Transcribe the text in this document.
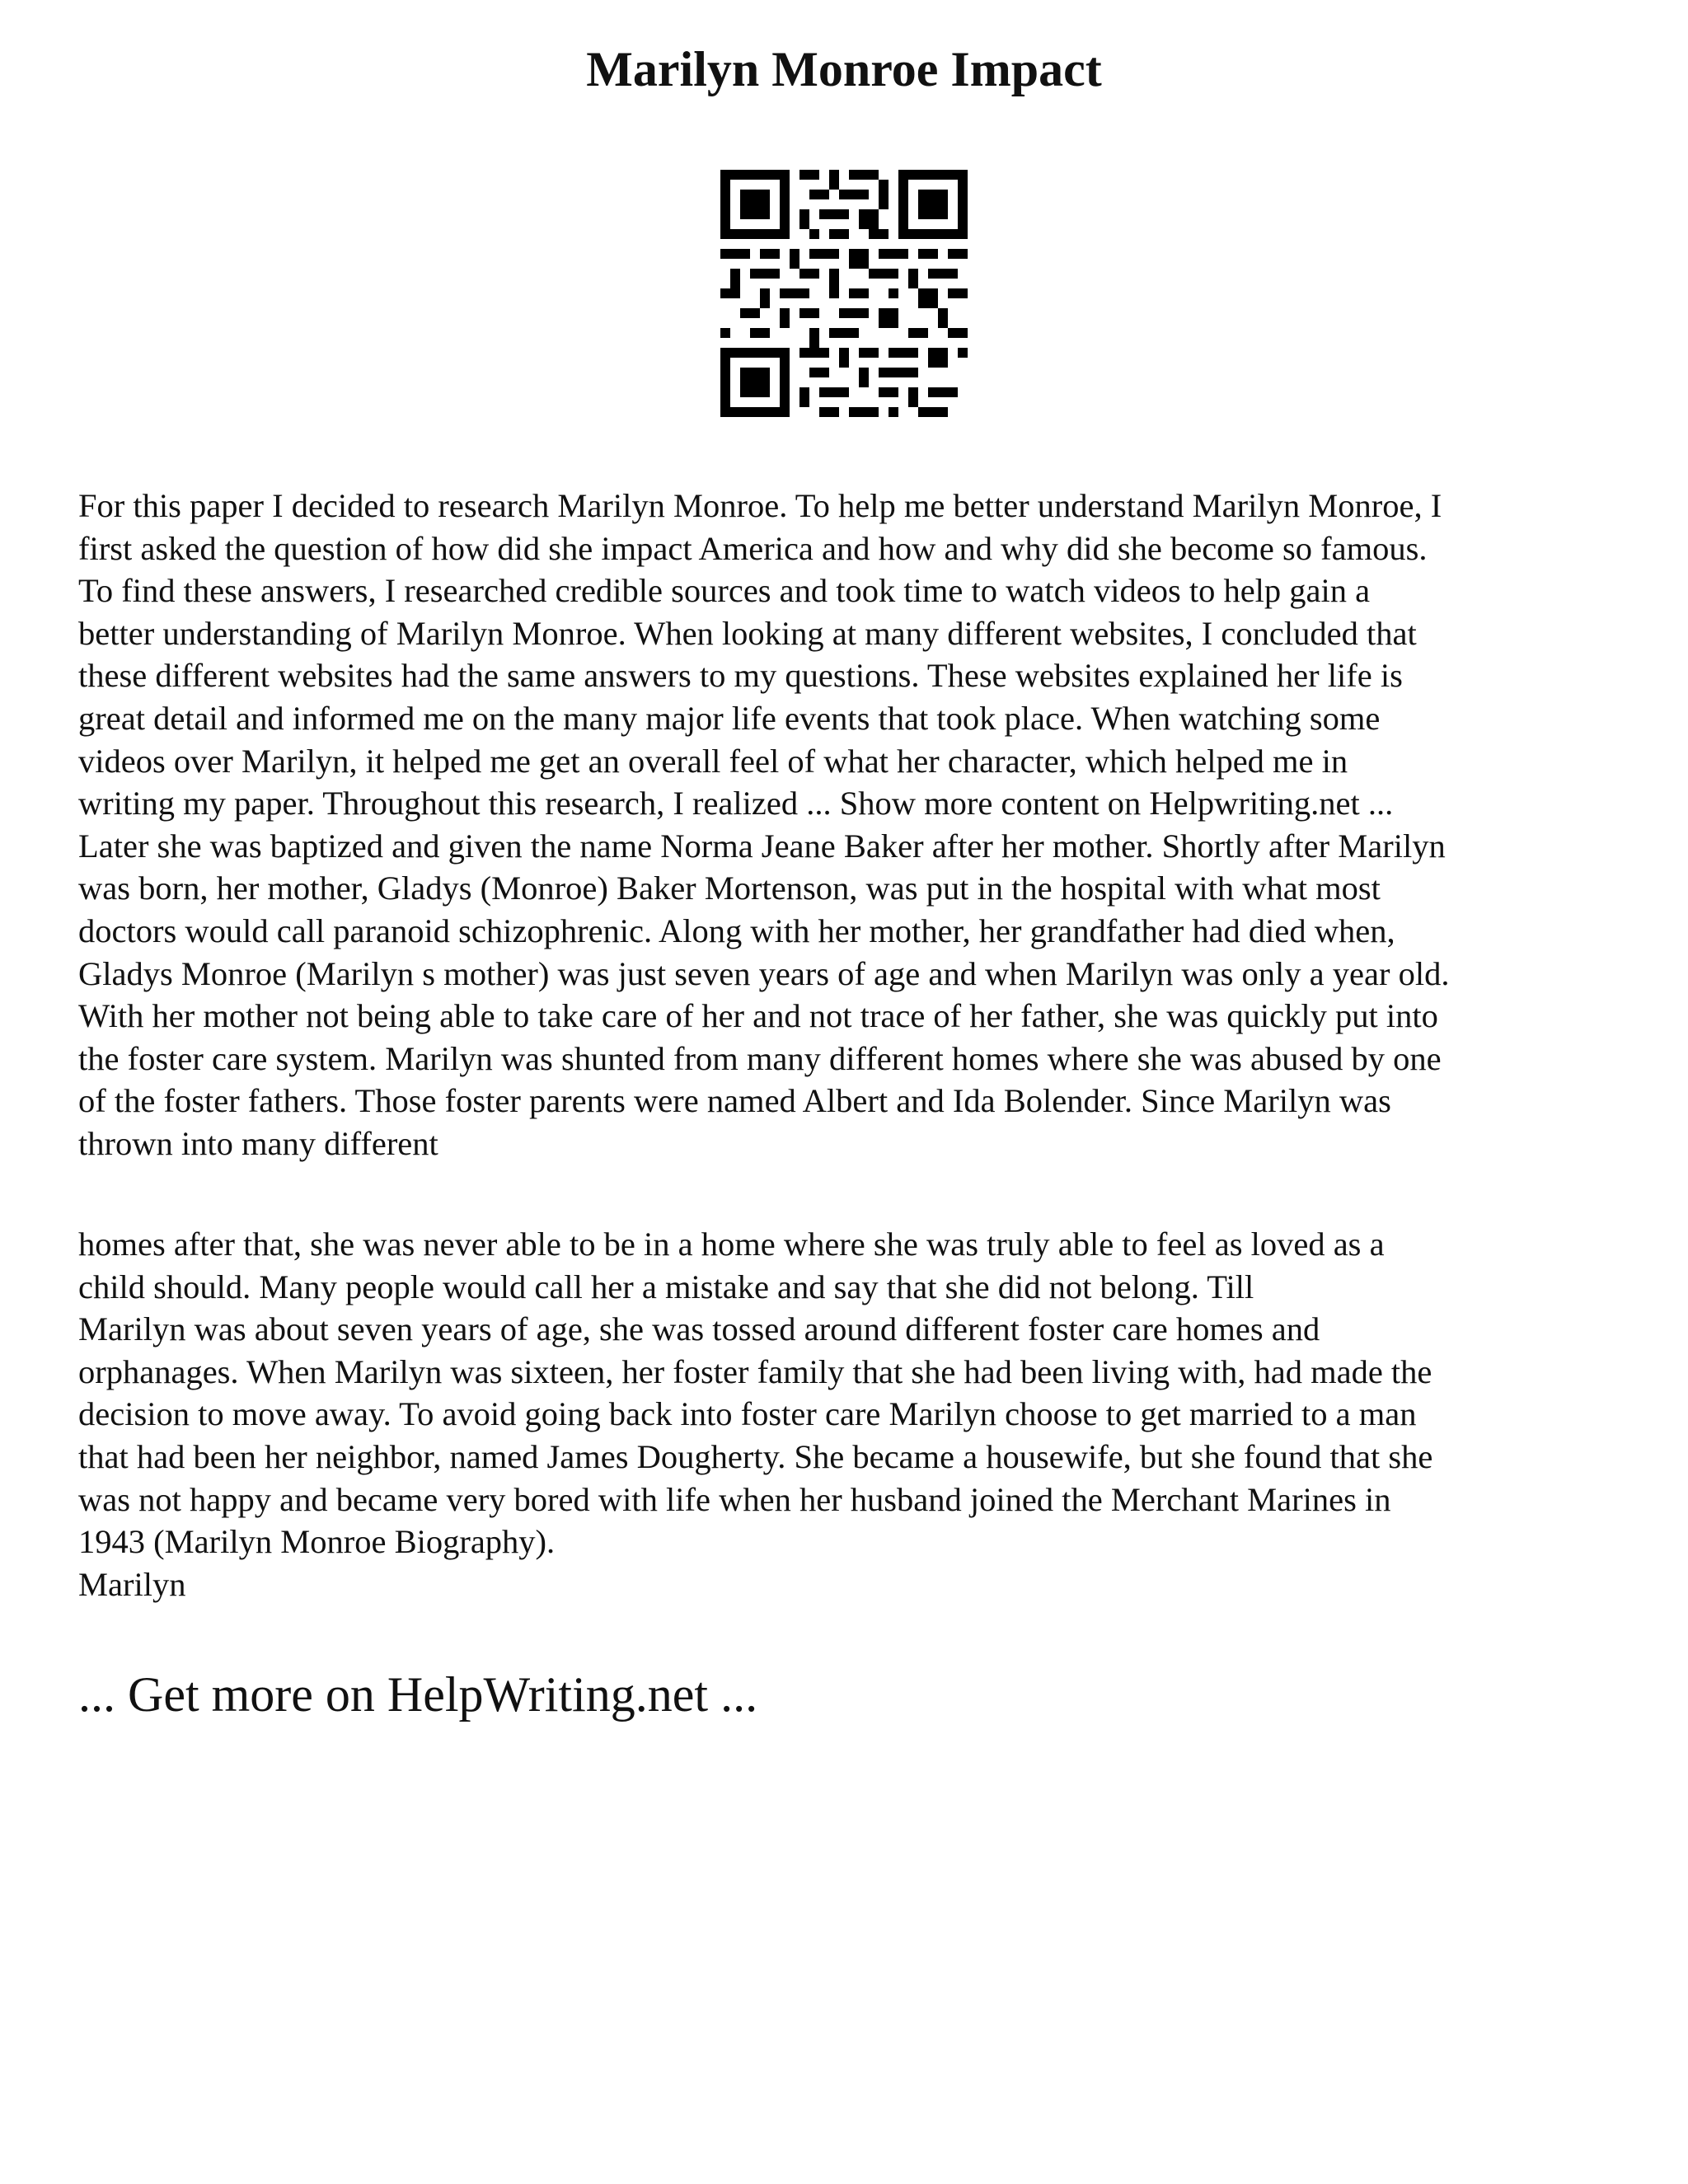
Marilyn Monroe Impact
For this paper I decided to research Marilyn Monroe. To help me better understand Marilyn Monroe, I
first asked the question of how did she impact America and how and why did she become so famous.
To find these answers, I researched credible sources and took time to watch videos to help gain a
better understanding of Marilyn Monroe. When looking at many different websites, I concluded that
these different websites had the same answers to my questions. These websites explained her life is
great detail and informed me on the many major life events that took place. When watching some
videos over Marilyn, it helped me get an overall feel of what her character, which helped me in
writing my paper. Throughout this research, I realized ... Show more content on Helpwriting.net ...
Later she was baptized and given the name Norma Jeane Baker after her mother. Shortly after Marilyn
was born, her mother, Gladys (Monroe) Baker Mortenson, was put in the hospital with what most
doctors would call paranoid schizophrenic. Along with her mother, her grandfather had died when,
Gladys Monroe (Marilyn s mother) was just seven years of age and when Marilyn was only a year old.
With her mother not being able to take care of her and not trace of her father, she was quickly put into
the foster care system. Marilyn was shunted from many different homes where she was abused by one
of the foster fathers. Those foster parents were named Albert and Ida Bolender. Since Marilyn was
thrown into many different
homes after that, she was never able to be in a home where she was truly able to feel as loved as a
child should. Many people would call her a mistake and say that she did not belong. Till
Marilyn was about seven years of age, she was tossed around different foster care homes and
orphanages. When Marilyn was sixteen, her foster family that she had been living with, had made the
decision to move away. To avoid going back into foster care Marilyn choose to get married to a man
that had been her neighbor, named James Dougherty. She became a housewife, but she found that she
was not happy and became very bored with life when her husband joined the Merchant Marines in
1943 (Marilyn Monroe Biography).
Marilyn

... Get more on HelpWriting.net ...
